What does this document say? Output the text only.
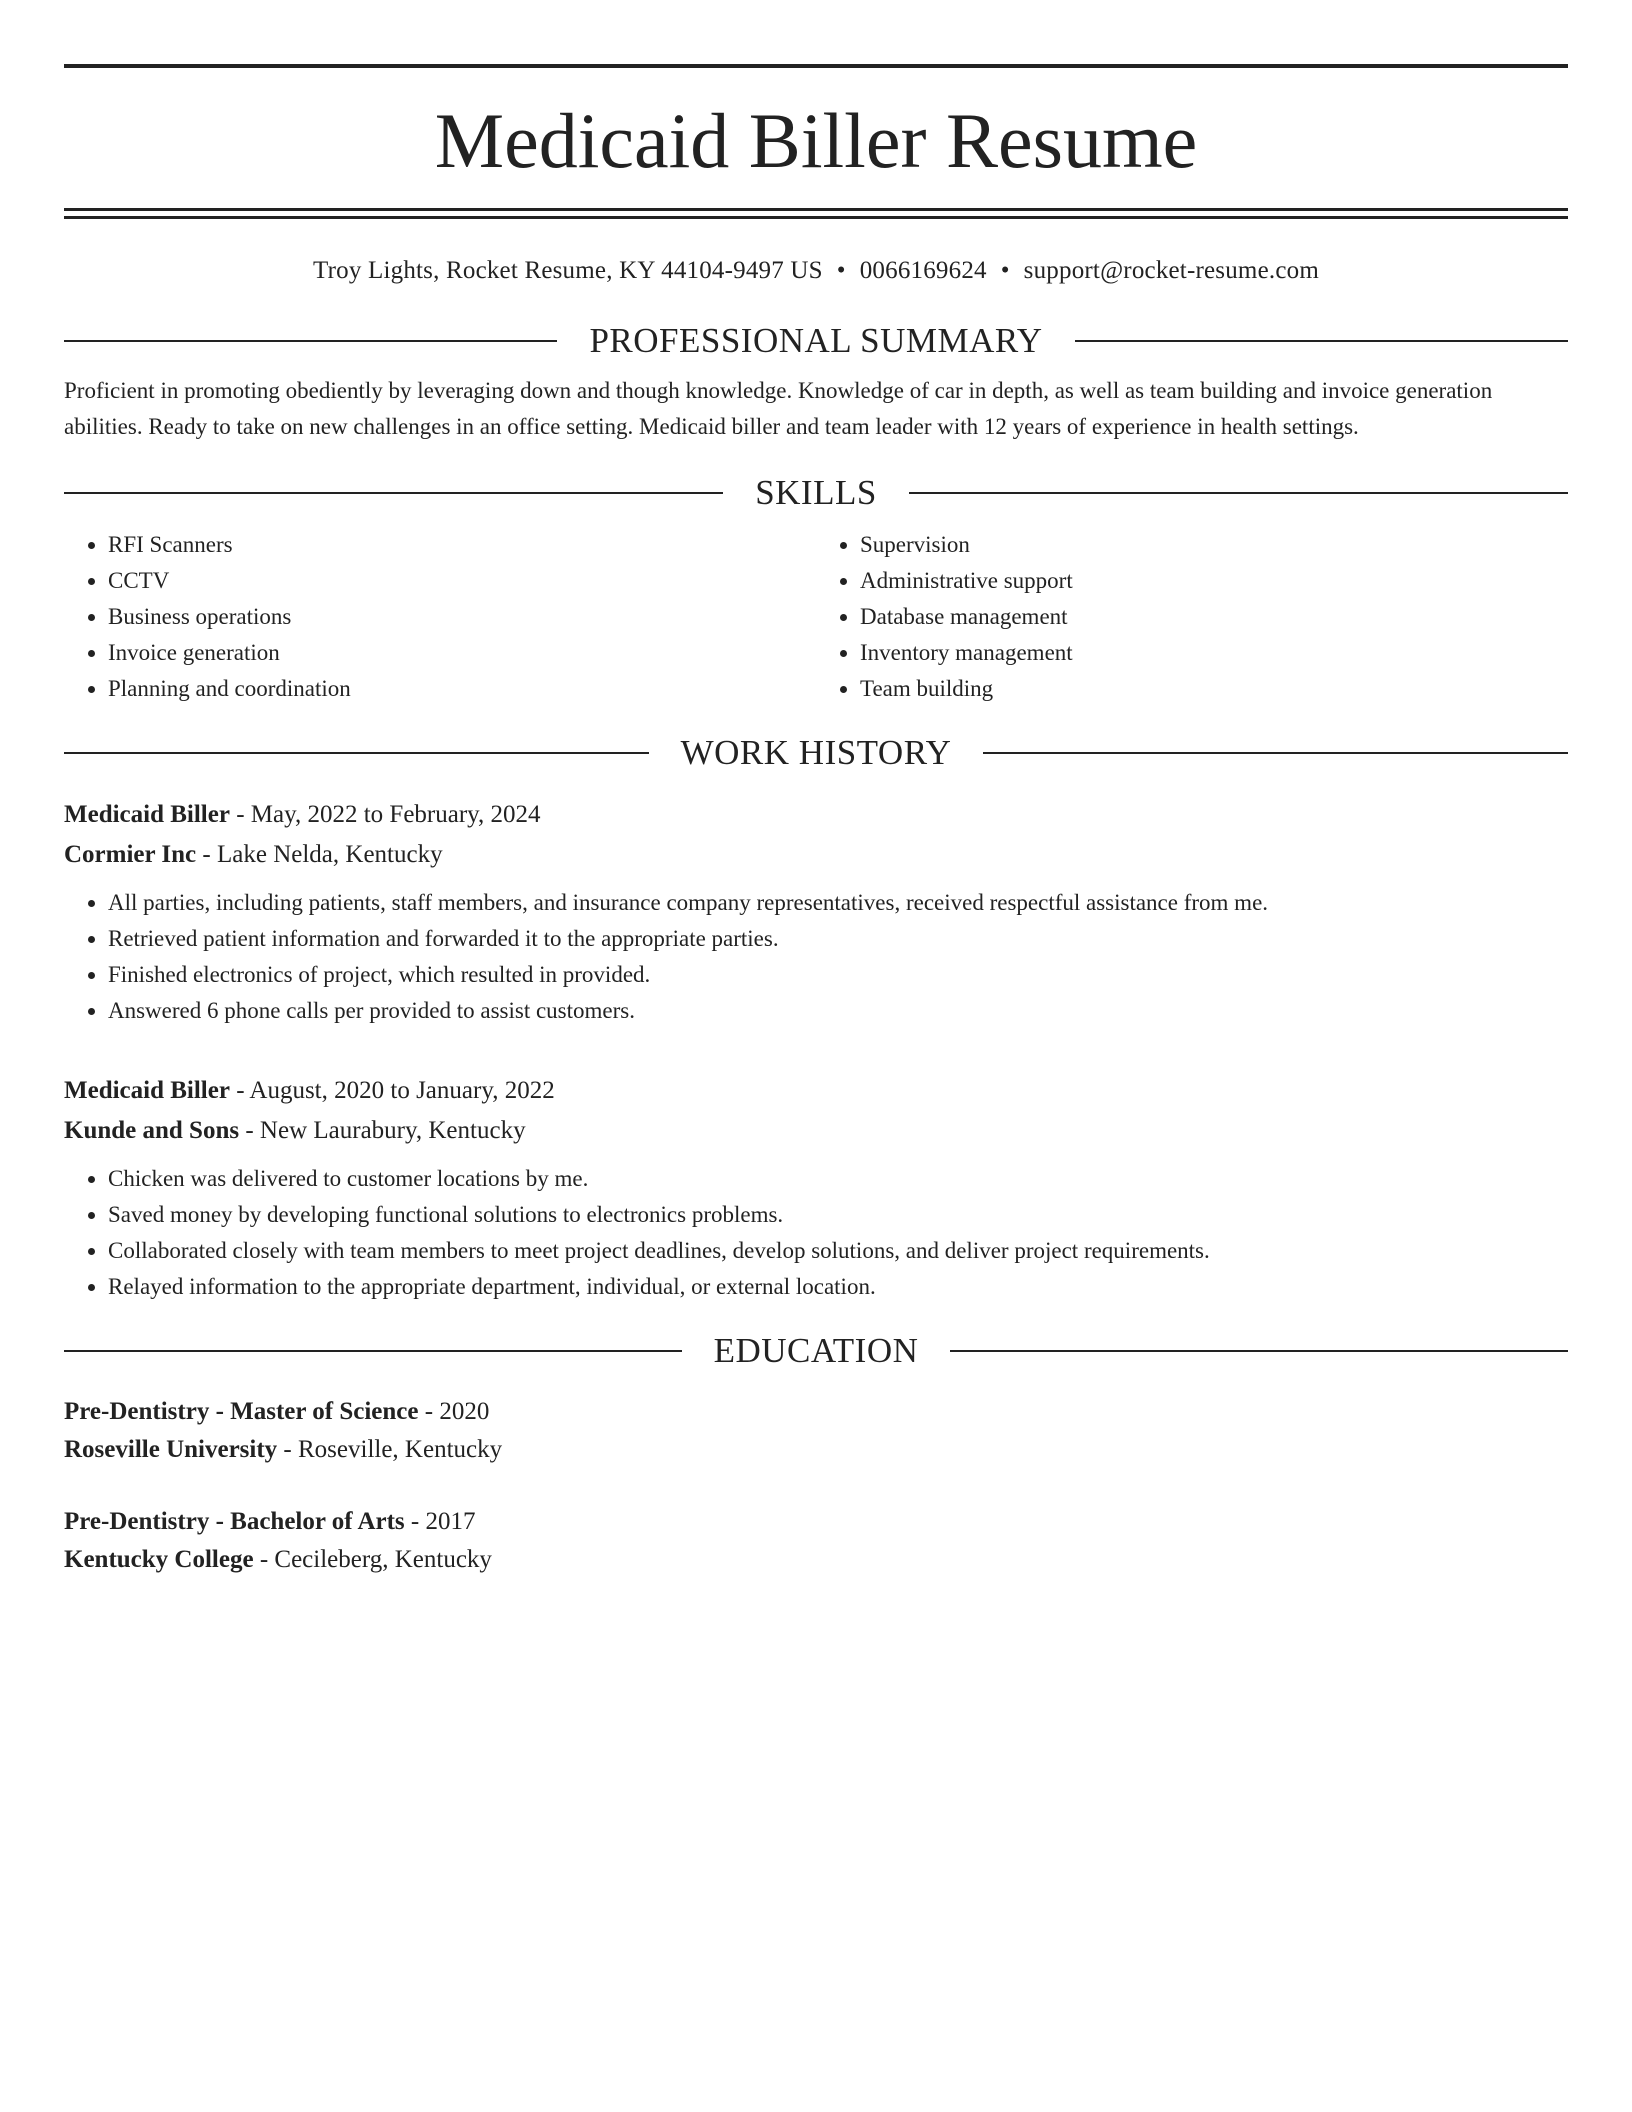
Medicaid Biller Resume
Troy Lights, Rocket Resume, KY 44104-9497 US • 0066169624 • support@rocket-resume.com
PROFESSIONAL SUMMARY
Proficient in promoting obediently by leveraging down and though knowledge. Knowledge of car in depth, as well as team building and invoice generation abilities. Ready to take on new challenges in an office setting. Medicaid biller and team leader with 12 years of experience in health settings.
SKILLS
• RFI Scanners
• CCTV
• Business operations
• Invoice generation
• Planning and coordination
• Supervision
• Administrative support
• Database management
• Inventory management
• Team building
WORK HISTORY
Medicaid Biller - May, 2022 to February, 2024
Cormier Inc - Lake Nelda, Kentucky
• All parties, including patients, staff members, and insurance company representatives, received respectful assistance from me.
• Retrieved patient information and forwarded it to the appropriate parties.
• Finished electronics of project, which resulted in provided.
• Answered 6 phone calls per provided to assist customers.
Medicaid Biller - August, 2020 to January, 2022
Kunde and Sons - New Laurabury, Kentucky
• Chicken was delivered to customer locations by me.
• Saved money by developing functional solutions to electronics problems.
• Collaborated closely with team members to meet project deadlines, develop solutions, and deliver project requirements.
• Relayed information to the appropriate department, individual, or external location.
EDUCATION
Pre-Dentistry - Master of Science - 2020
Roseville University - Roseville, Kentucky
Pre-Dentistry - Bachelor of Arts - 2017
Kentucky College - Cecileberg, Kentucky
